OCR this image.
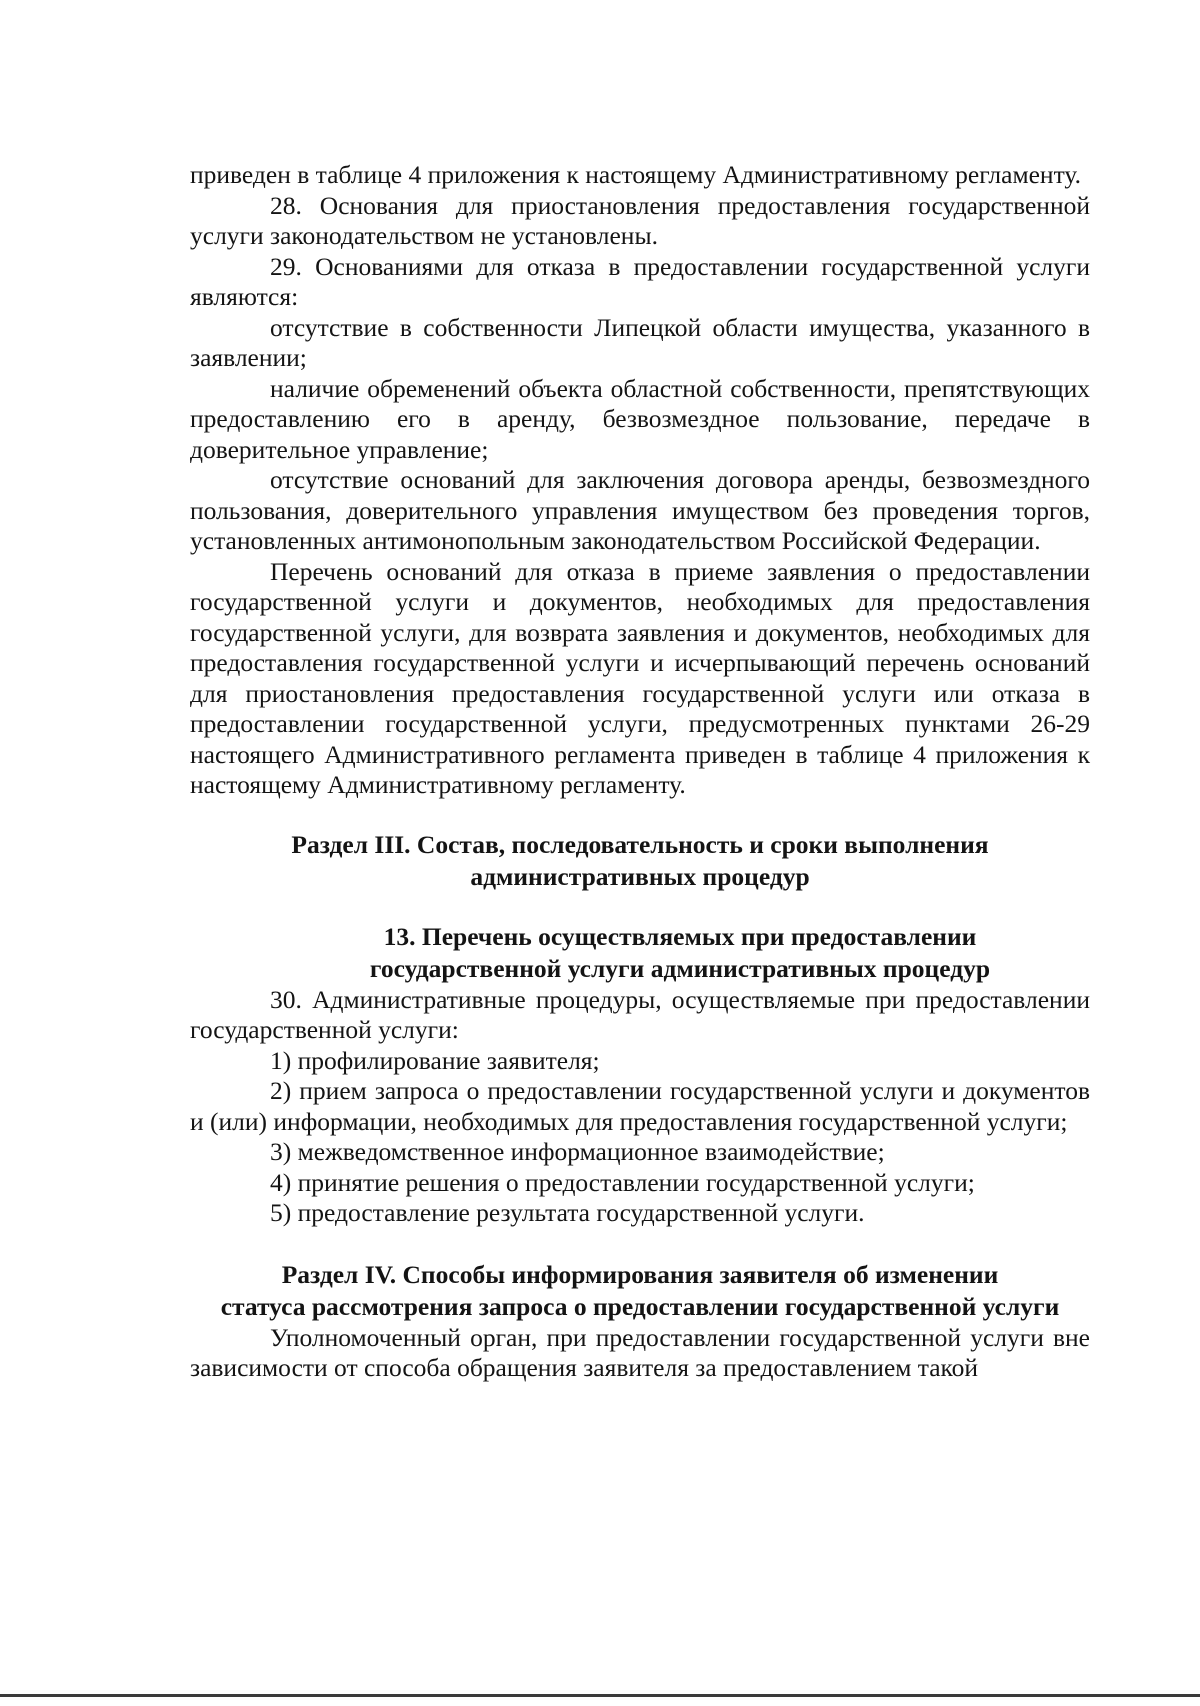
приведен в таблице 4 приложения к настоящему Административному регламенту.

28. Основания для приостановления предоставления государственной услуги законодательством не установлены.

29. Основаниями для отказа в предоставлении государственной услуги являются:

отсутствие в собственности Липецкой области имущества, указанного в заявлении;

наличие обременений объекта областной собственности, препятствующих предоставлению его в аренду, безвозмездное пользование, передаче в доверительное управление;

отсутствие оснований для заключения договора аренды, безвозмездного пользования, доверительного управления имуществом без проведения торгов, установленных антимонопольным законодательством Российской Федерации.

Перечень оснований для отказа в приеме заявления о предоставлении государственной услуги и документов, необходимых для предоставления государственной услуги, для возврата заявления и документов, необходимых для предоставления государственной услуги и исчерпывающий перечень оснований для приостановления предоставления государственной услуги или отказа в предоставлении государственной услуги, предусмотренных пунктами 26-29 настоящего Административного регламента приведен в таблице 4 приложения к настоящему Административному регламенту.

Раздел III. Состав, последовательность и сроки выполнения
административных процедур
13. Перечень осуществляемых при предоставлении
государственной услуги административных процедур

30. Административные процедуры, осуществляемые при предоставлении государственной услуги:

1) профилирование заявителя;

2) прием запроса о предоставлении государственной услуги и документов и (или) информации, необходимых для предоставления государственной услуги;

3) межведомственное информационное взаимодействие;

4) принятие решения о предоставлении государственной услуги;

5) предоставление результата государственной услуги.

Раздел IV. Способы информирования заявителя об изменении
статуса рассмотрения запроса о предоставлении государственной услуги

Уполномоченный орган, при предоставлении государственной услуги вне зависимости от способа обращения заявителя за предоставлением такой
